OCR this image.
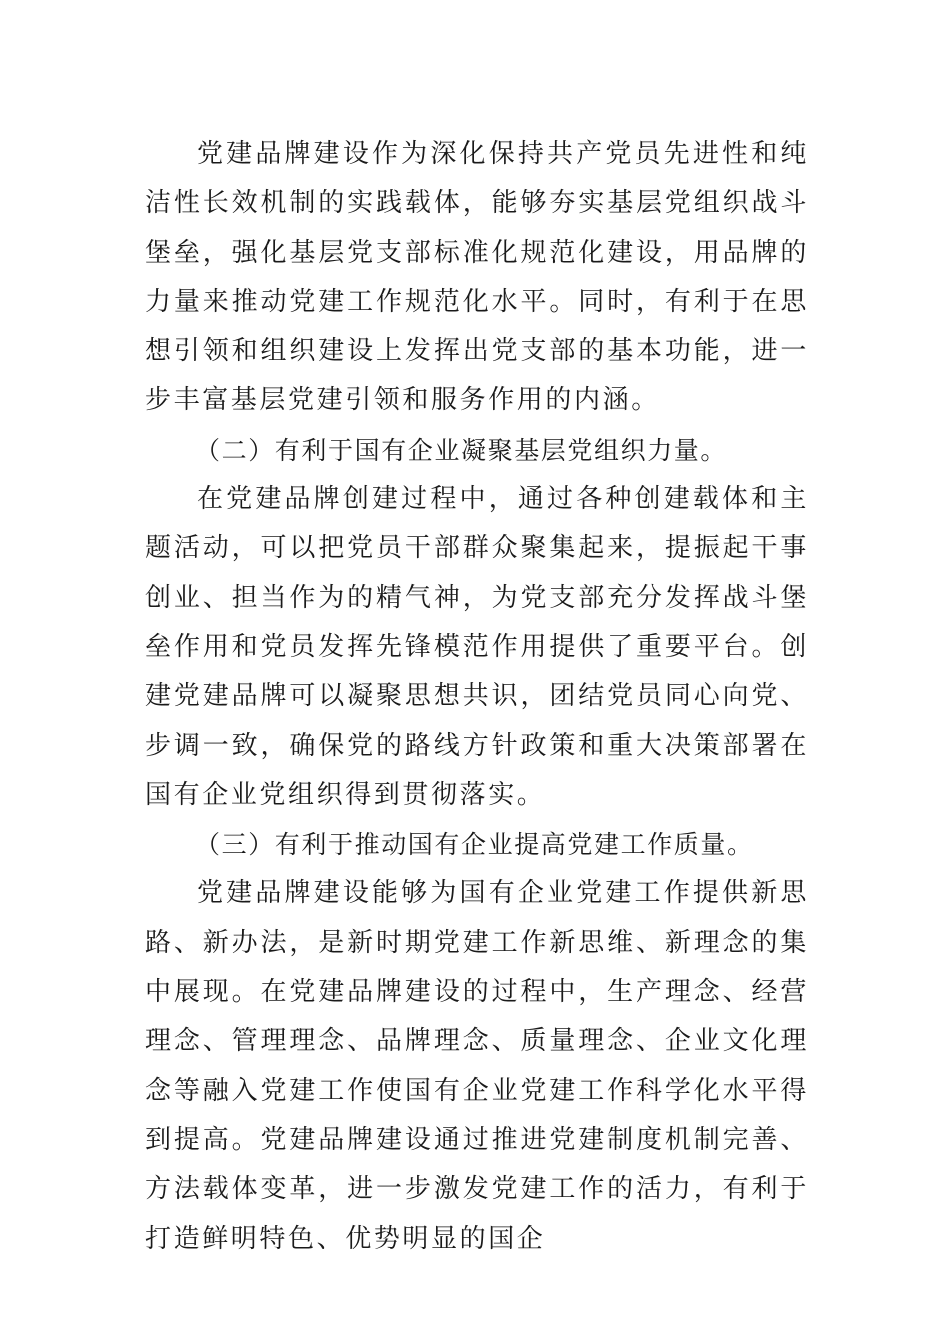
党建品牌建设作为深化保持共产党员先进性和纯洁性长效机制的实践载体，能够夯实基层党组织战斗堡垒，强化基层党支部标准化规范化建设，用品牌的力量来推动党建工作规范化水平。同时，有利于在思想引领和组织建设上发挥出党支部的基本功能，进一步丰富基层党建引领和服务作用的内涵。

（二）有利于国有企业凝聚基层党组织力量。

在党建品牌创建过程中，通过各种创建载体和主题活动，可以把党员干部群众聚集起来，提振起干事创业、担当作为的精气神，为党支部充分发挥战斗堡垒作用和党员发挥先锋模范作用提供了重要平台。创建党建品牌可以凝聚思想共识，团结党员同心向党、步调一致，确保党的路线方针政策和重大决策部署在国有企业党组织得到贯彻落实。

（三）有利于推动国有企业提高党建工作质量。

党建品牌建设能够为国有企业党建工作提供新思路、新办法，是新时期党建工作新思维、新理念的集中展现。在党建品牌建设的过程中，生产理念、经营理念、管理理念、品牌理念、质量理念、企业文化理念等融入党建工作使国有企业党建工作科学化水平得到提高。党建品牌建设通过推进党建制度机制完善、方法载体变革，进一步激发党建工作的活力，有利于打造鲜明特色、优势明显的国企
